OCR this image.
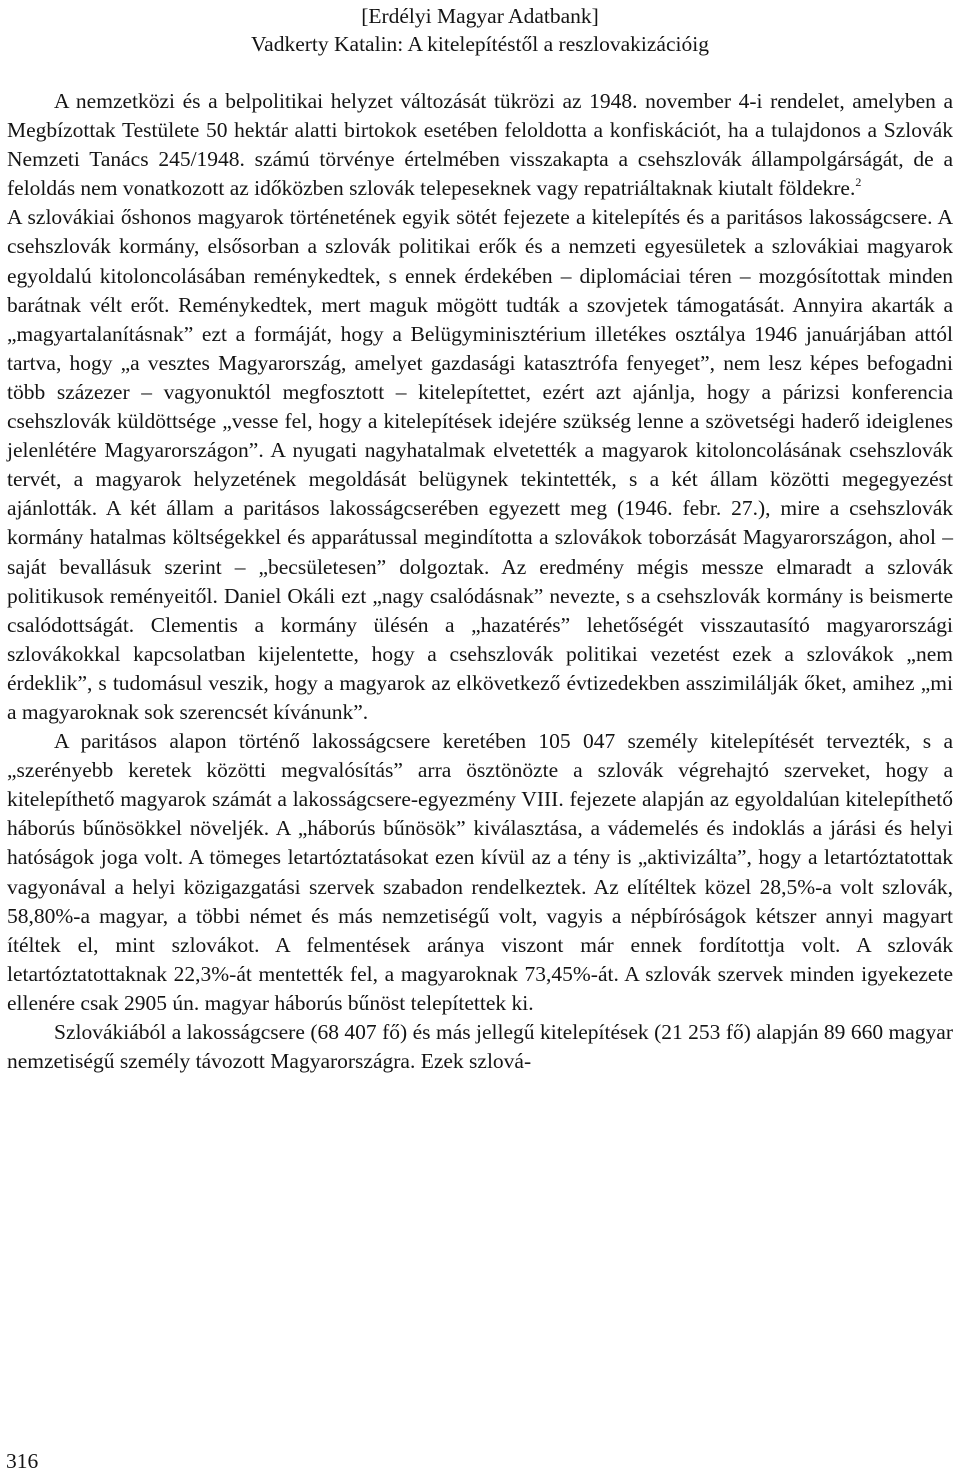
[Erdélyi Magyar Adatbank]
Vadkerty Katalin: A kitelepítéstől a reszlovakizációig

A nemzetközi és a belpolitikai helyzet változását tükrözi az 1948. november 4-i rendelet, amelyben a Megbízottak Testülete 50 hektár alatti birtokok esetében feloldotta a konfiskációt, ha a tulajdonos a Szlovák Nemzeti Tanács 245/1948. számú törvénye értelmében visszakapta a csehszlovák állampolgárságát, de a feloldás nem vonatkozott az időközben szlovák telepeseknek vagy repatriáltaknak kiutalt földekre.$^2$

A szlovákiai őshonos magyarok történetének egyik sötét fejezete a kitelepítés és a paritásos lakosságcsere. A csehszlovák kormány, elsősorban a szlovák politikai erők és a nemzeti egyesületek a szlovákiai magyarok egyoldalú kitoloncolásában reménykedtek, s ennek érdekében – diplomáciai téren – mozgósítottak minden barátnak vélt erőt. Reménykedtek, mert maguk mögött tudták a szovjetek támogatását. Annyira akarták a „magyartalanításnak” ezt a formáját, hogy a Belügyminisztérium illetékes osztálya 1946 januárjában attól tartva, hogy „a vesztes Magyarország, amelyet gazdasági katasztrófa fenyeget”, nem lesz képes befogadni több százezer – vagyonuktól megfosztott – kitelepítettet, ezért azt ajánlja, hogy a párizsi konferencia csehszlovák küldöttsége „vesse fel, hogy a kitelepítések idejére szükség lenne a szövetségi haderő ideiglenes jelenlétére Magyarországon”. A nyugati nagyhatalmak elvetették a magyarok kitoloncolásának csehszlovák tervét, a magyarok helyzetének megoldását belügynek tekintették, s a két állam közötti megegyezést ajánlották. A két állam a paritásos lakosságcserében egyezett meg (1946. febr. 27.), mire a csehszlovák kormány hatalmas költségekkel és apparátussal megindította a szlovákok toborzását Magyarországon, ahol – saját bevallásuk szerint – „becsületesen” dolgoztak. Az eredmény mégis messze elmaradt a szlovák politikusok reményeitől. Daniel Okáli ezt „nagy csalódásnak” nevezte, s a csehszlovák kormány is beismerte csalódottságát. Clementis a kormány ülésén a „hazatérés” lehetőségét visszautasító magyarországi szlovákokkal kapcsolatban kijelentette, hogy a csehszlovák politikai vezetést ezek a szlovákok „nem érdeklik”, s tudomásul veszik, hogy a magyarok az elkövetkező évtizedekben asszimilálják őket, amihez „mi a magyaroknak sok szerencsét kívánunk”.

A paritásos alapon történő lakosságcsere keretében 105 047 személy kitelepítését tervezték, s a „szerényebb keretek közötti megvalósítás” arra ösztönözte a szlovák végrehajtó szerveket, hogy a kitelepíthető magyarok számát a lakosságcsere-egyezmény VIII. fejezete alapján az egyoldalúan kitelepíthető háborús bűnösökkel növeljék. A „háborús bűnösök” kiválasztása, a vádemelés és indoklás a járási és helyi hatóságok joga volt. A tömeges letartóztatásokat ezen kívül az a tény is „aktivizálta”, hogy a letartóztatottak vagyonával a helyi közigazgatási szervek szabadon rendelkeztek. Az elítéltek közel 28,5%-a volt szlovák, 58,80%-a magyar, a többi német és más nemzetiségű volt, vagyis a népbíróságok kétszer annyi magyart ítéltek el, mint szlovákot. A felmentések aránya viszont már ennek fordítottja volt. A szlovák letartóztatottaknak 22,3%-át mentették fel, a magyaroknak 73,45%-át. A szlovák szervek minden igyekezete ellenére csak 2905 ún. magyar háborús bűnöst telepítettek ki.

Szlovákiából a lakosságcsere (68 407 fő) és más jellegű kitelepítések (21 253 fő) alapján 89 660 magyar nemzetiségű személy távozott Magyarországra. Ezek szlová-

316
